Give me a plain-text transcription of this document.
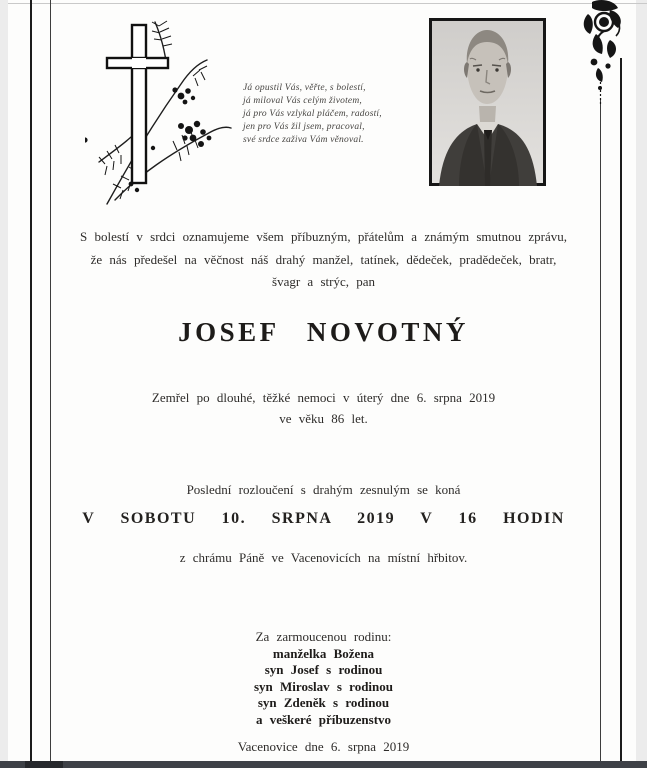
Já opustil Vás, věřte, s bolestí,
já miloval Vás celým životem,
já pro Vás vzlykal pláčem, radostí,
jen pro Vás žil jsem, pracoval,
své srdce zaživa Vám věnoval.
S bolestí v srdci oznamujeme všem příbuzným, přátelům a známým smutnou zprávu,
že nás předešel na věčnost náš drahý manžel, tatínek, dědeček, pradědeček, bratr,
švagr a strýc, pan
JOSEF NOVOTNÝ
Zemřel po dlouhé, těžké nemoci v úterý dne 6. srpna 2019
ve věku 86 let.
Poslední rozloučení s drahým zesnulým se koná
V SOBOTU 10. SRPNA 2019 V 16 HODIN
z chrámu Páně ve Vacenovicích na místní hřbitov.
Za zarmoucenou rodinu:
manželka Božena
syn Josef s rodinou
syn Miroslav s rodinou
syn Zdeněk s rodinou
a veškeré příbuzenstvo
Vacenovice dne 6. srpna 2019
